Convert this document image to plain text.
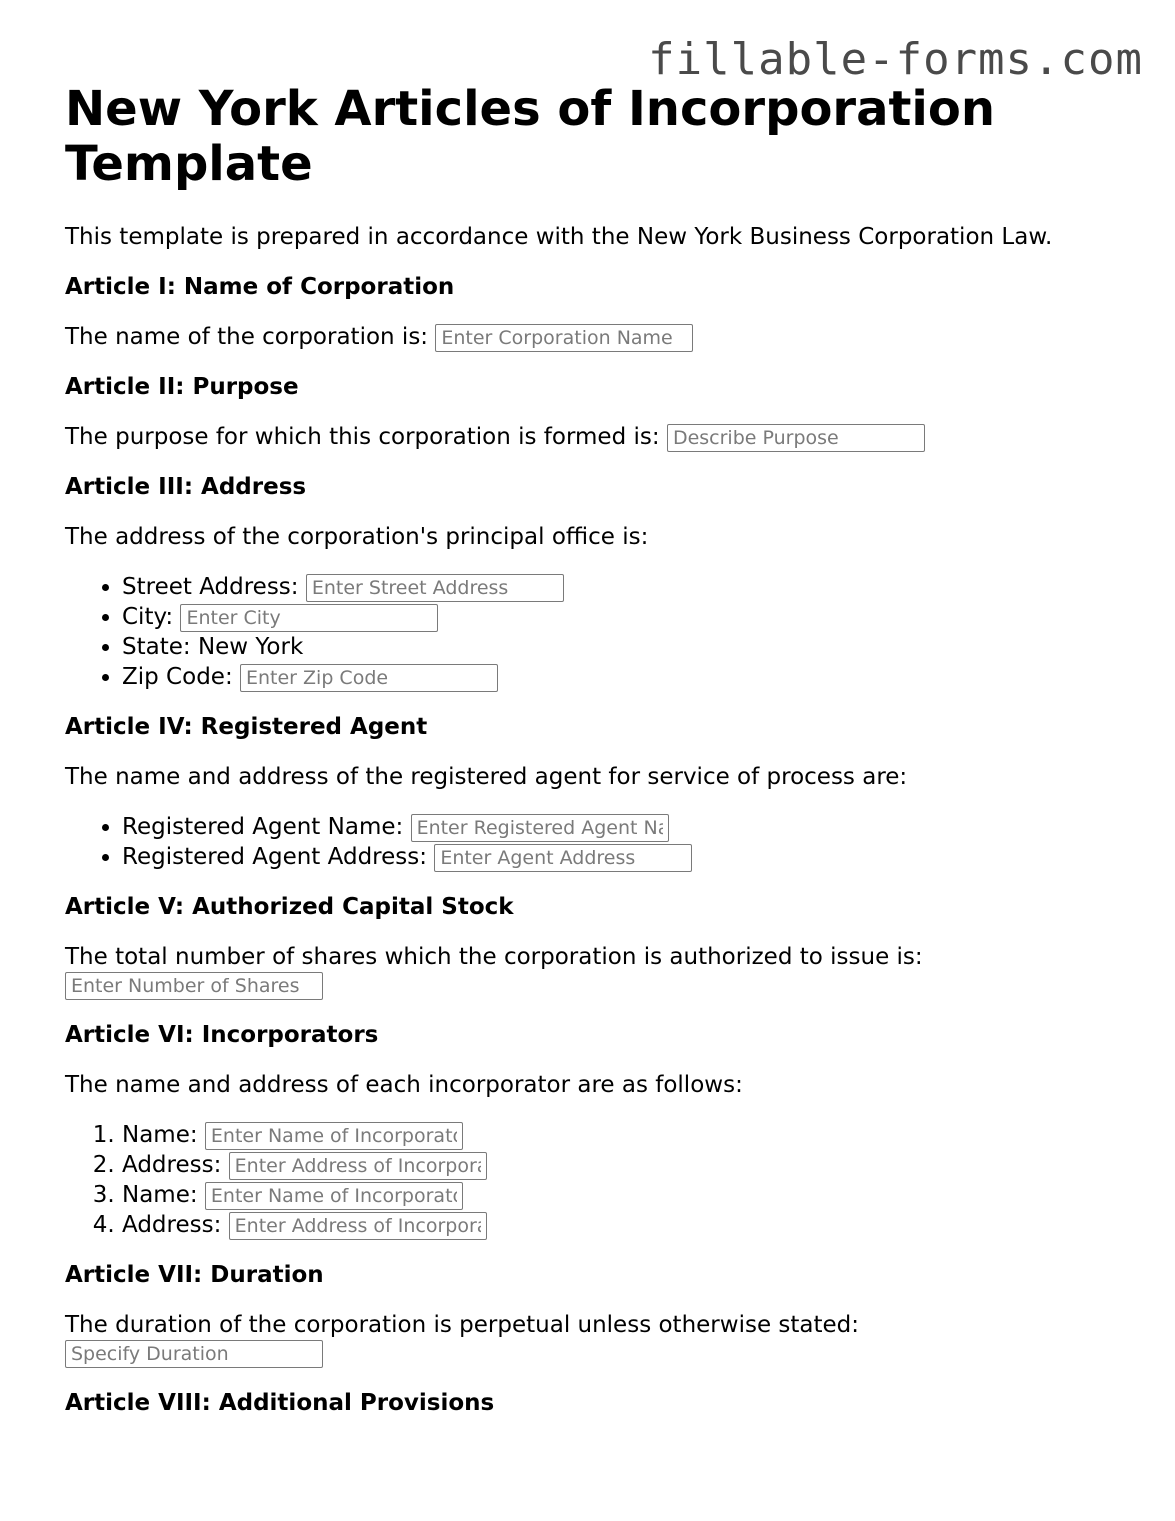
fillable-forms.com
New York Articles of Incorporation Template

This template is prepared in accordance with the New York Business Corporation Law.

Article I: Name of Corporation

The name of the corporation is: Enter Corporation Name

Article II: Purpose

The purpose for which this corporation is formed is: Describe Purpose

Article III: Address

The address of the corporation's principal office is:

• Street Address: Enter Street Address
• City: Enter City
• State: New York
• Zip Code: Enter Zip Code
Article IV: Registered Agent

The name and address of the registered agent for service of process are:

• Registered Agent Name: Enter Registered Agent Name
• Registered Agent Address: Enter Agent Address
Article V: Authorized Capital Stock

The total number of shares which the corporation is authorized to issue is:
Enter Number of Shares

Article VI: Incorporators

The name and address of each incorporator are as follows:

1. Name: Enter Name of Incorporator
2. Address: Enter Address of Incorporator
3. Name: Enter Name of Incorporator
4. Address: Enter Address of Incorporator
Article VII: Duration

The duration of the corporation is perpetual unless otherwise stated:
Specify Duration

Article VIII: Additional Provisions
